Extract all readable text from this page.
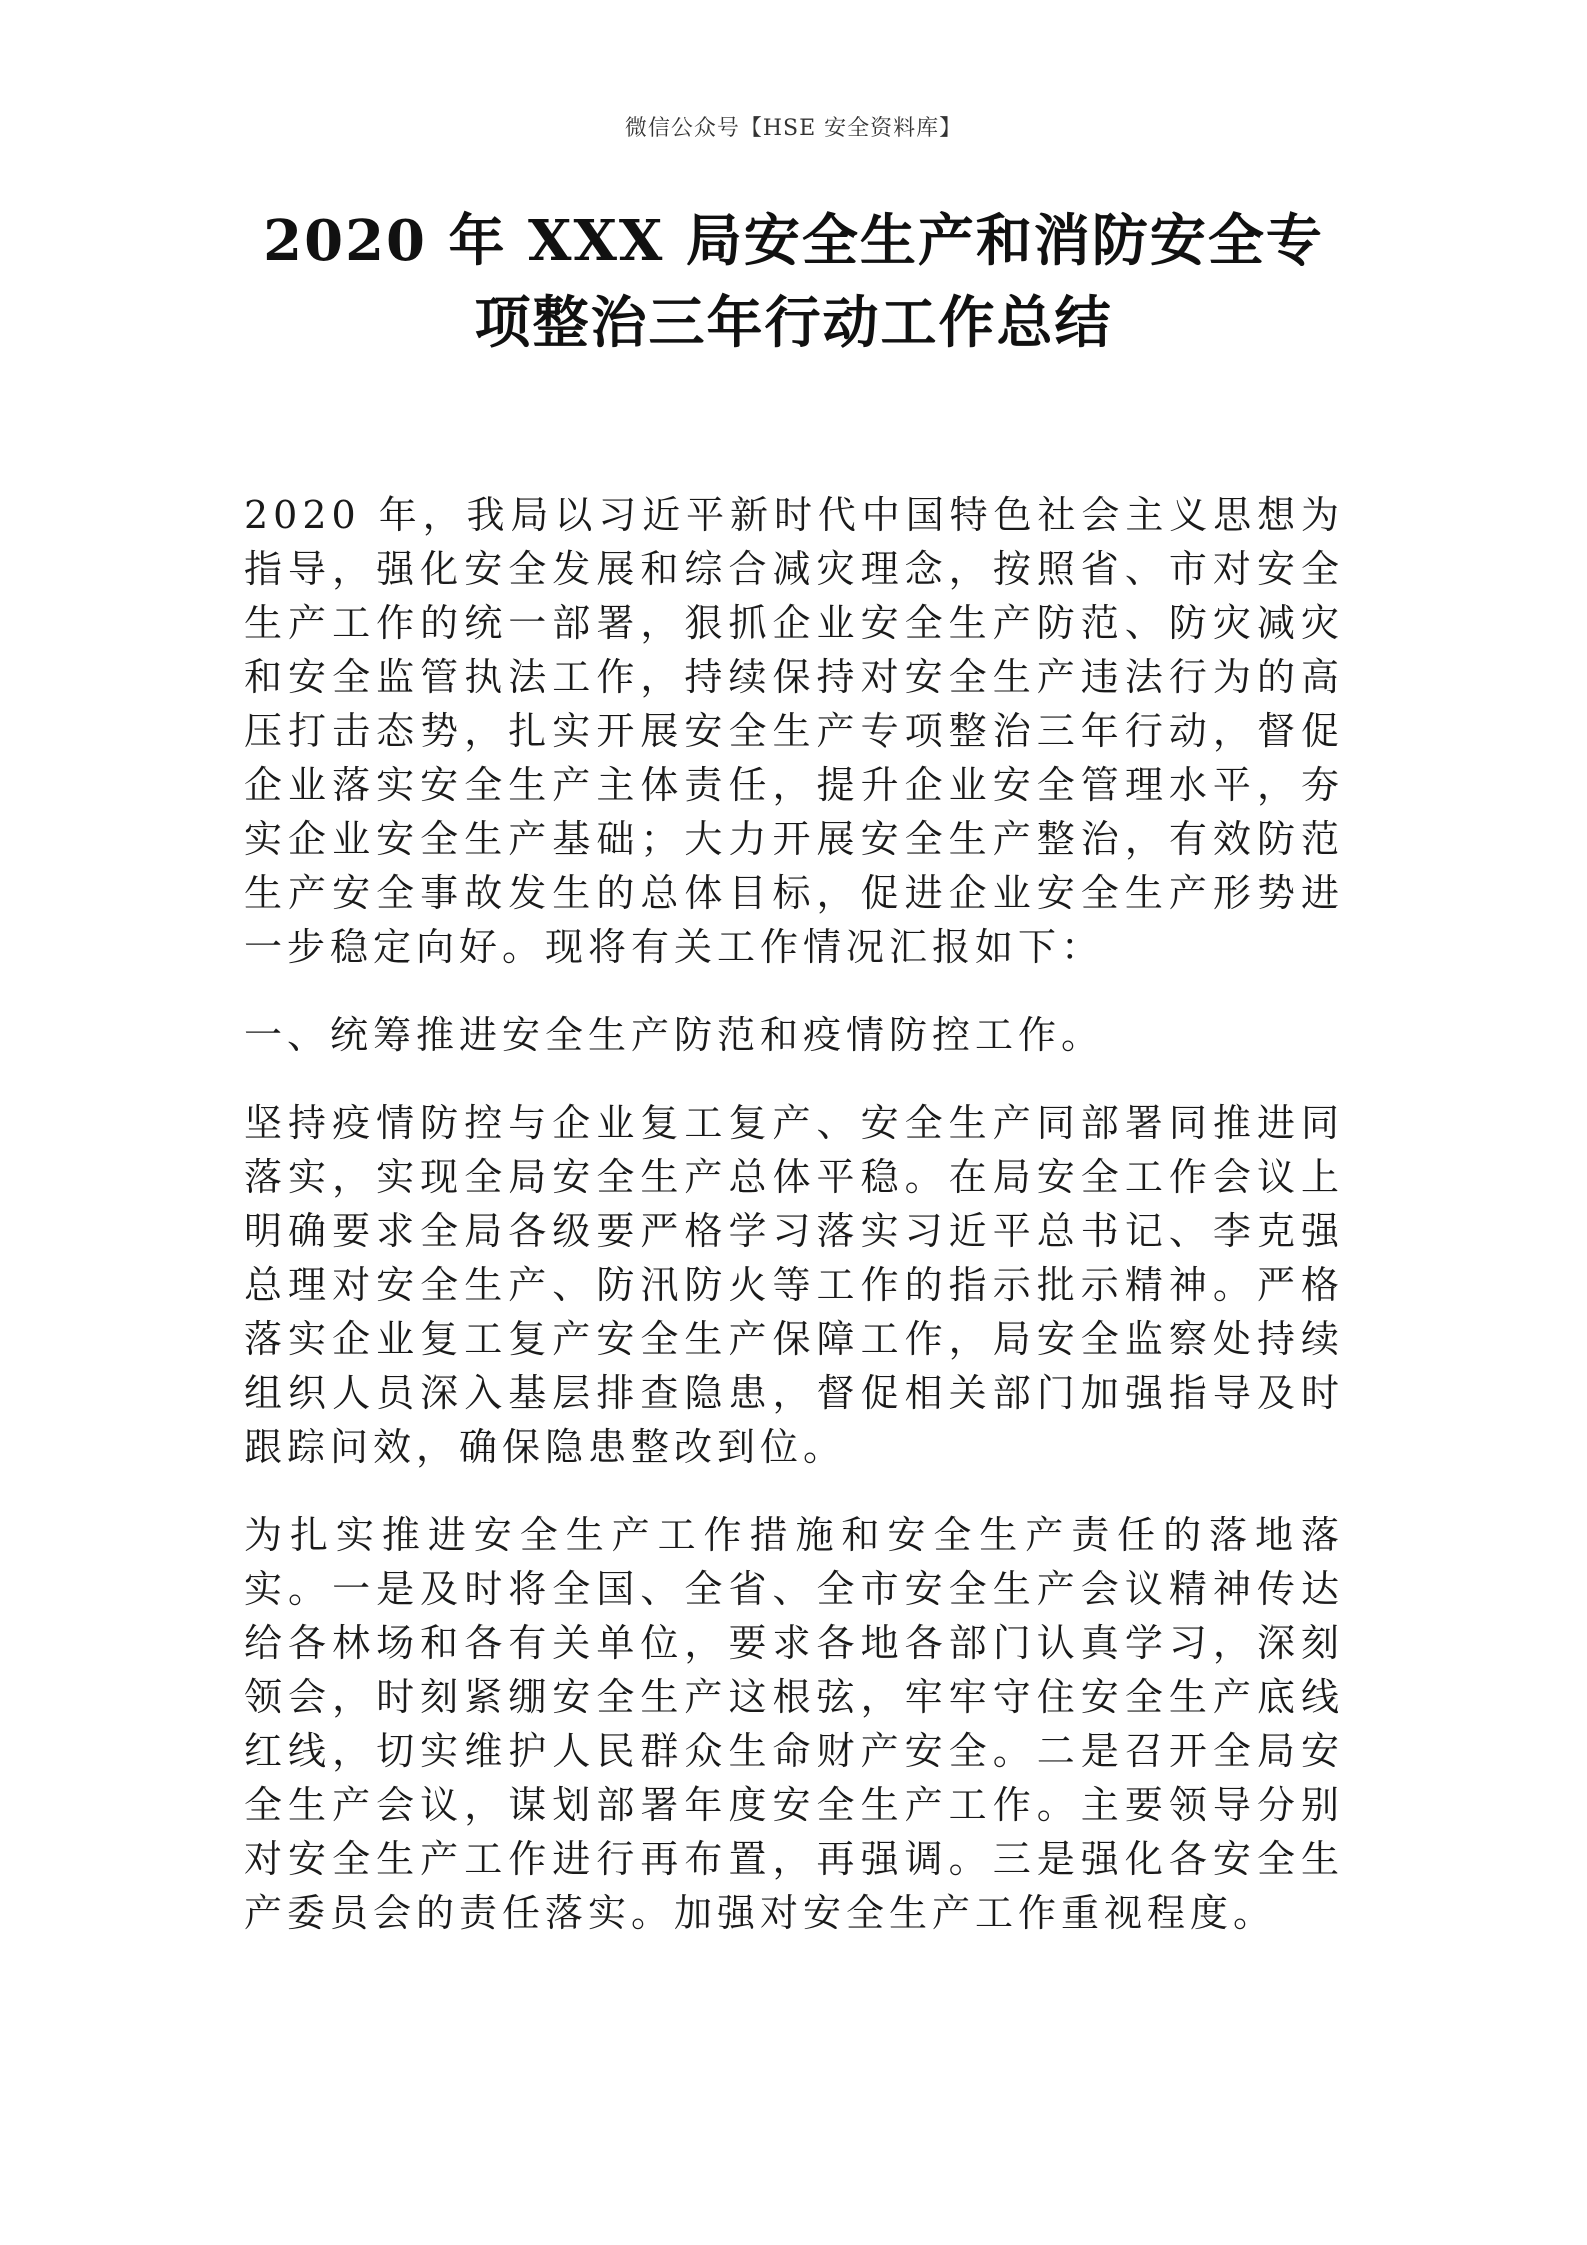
微信公众号【HSE 安全资料库】
2020 年 XXX 局安全生产和消防安全专
项整治三年行动工作总结

2020 年，我局以习近平新时代中国特色社会主义思想为指导，强化安全发展和综合减灾理念，按照省、市对安全生产工作的统一部署，狠抓企业安全生产防范、防灾减灾和安全监管执法工作，持续保持对安全生产违法行为的高压打击态势，扎实开展安全生产专项整治三年行动，督促企业落实安全生产主体责任，提升企业安全管理水平，夯实企业安全生产基础；大力开展安全生产整治，有效防范生产安全事故发生的总体目标，促进企业安全生产形势进一步稳定向好。现将有关工作情况汇报如下：

一、统筹推进安全生产防范和疫情防控工作。

坚持疫情防控与企业复工复产、安全生产同部署同推进同落实，实现全局安全生产总体平稳。在局安全工作会议上明确要求全局各级要严格学习落实习近平总书记、李克强总理对安全生产、防汛防火等工作的指示批示精神。严格落实企业复工复产安全生产保障工作，局安全监察处持续组织人员深入基层排查隐患，督促相关部门加强指导及时跟踪问效，确保隐患整改到位。

为扎实推进安全生产工作措施和安全生产责任的落地落实。一是及时将全国、全省、全市安全生产会议精神传达给各林场和各有关单位，要求各地各部门认真学习，深刻领会，时刻紧绷安全生产这根弦，牢牢守住安全生产底线红线，切实维护人民群众生命财产安全。二是召开全局安全生产会议，谋划部署年度安全生产工作。主要领导分别对安全生产工作进行再布置，再强调。三是强化各安全生产委员会的责任落实。加强对安全生产工作重视程度。
